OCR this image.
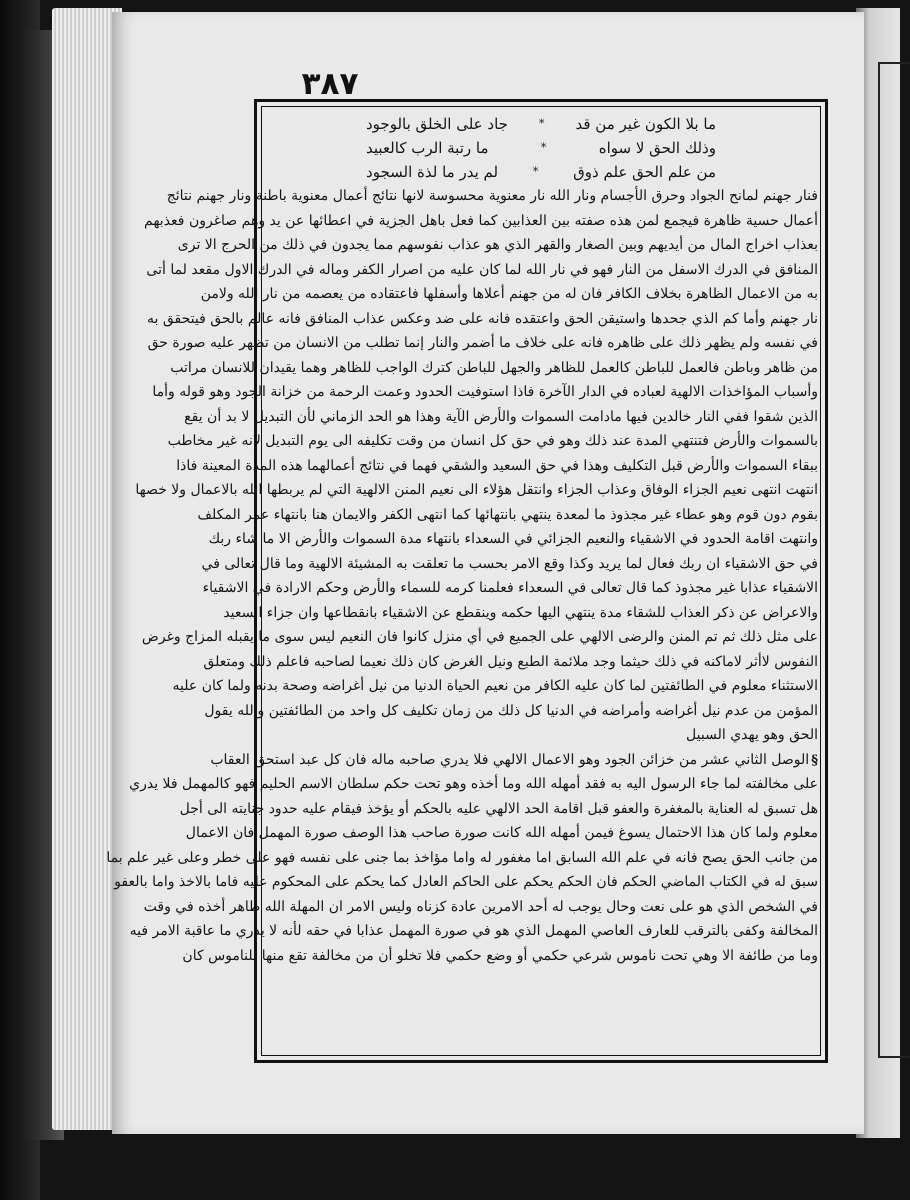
٣٨٧
ما بلا الكون غير من قد
*
جاد على الخلق بالوجود
وذلك الحق لا سواه
*
ما رتبة الرب كالعبيد
من علم الحق علم ذوق
*
لم يدر ما لذة السجود
فنار جهنم لمانح الجواد وحرق الأجسام ونار الله نار معنوية محسوسة لانها نتائج أعمال معنوية باطنة ونار جهنم نتائج
أعمال حسية ظاهرة فيجمع لمن هذه صفته بين العذابين كما فعل باهل الجزية في اعطائها عن يد وهم صاغرون فعذبهم
بعذاب اخراج المال من أيديهم وبين الصغار والقهر الذي هو عذاب نفوسهم مما يجدون في ذلك من الحرج الا ترى
المنافق في الدرك الاسفل من النار فهو في نار الله لما كان عليه من اصرار الكفر وماله في الدرك الاول مقعد لما أتى
به من الاعمال الظاهرة بخلاف الكافر فان له من جهنم أعلاها وأسفلها فاعتقاده من يعصمه من نار الله ولامن
نار جهنم وأما كم الذي جحدها واستيقن الحق واعتقده فانه على ضد وعكس عذاب المنافق فانه عالم بالحق فيتحقق به
في نفسه ولم يظهر ذلك على ظاهره فانه على خلاف ما أضمر والنار إنما تطلب من الانسان من تظهر عليه صورة حق
من ظاهر وباطن فالعمل للباطن كالعمل للظاهر والجهل للباطن كترك الواجب للظاهر وهما يقيدان للانسان مراتب
وأسباب المؤاخذات الالهية لعباده في الدار الآخرة فاذا استوفيت الحدود وعمت الرحمة من خزانة الجود وهو قوله وأما
الذين شقوا ففي النار خالدين فيها مادامت السموات والأرض الآية وهذا هو الحد الزماني لأن التبديل لا بد أن يقع
بالسموات والأرض فتنتهي المدة عند ذلك وهو في حق كل انسان من وقت تكليفه الى يوم التبديل لانه غير مخاطب
ببقاء السموات والأرض قبل التكليف وهذا في حق السعيد والشقي فهما في نتائج أعمالهما هذه المدة المعينة فاذا
انتهت انتهى نعيم الجزاء الوفاق وعذاب الجزاء وانتقل هؤلاء الى نعيم المنن الالهية التي لم يربطها الله بالاعمال ولا خصها
بقوم دون قوم وهو عطاء غير مجذوذ ما لمعدة ينتهي بانتهائها كما انتهى الكفر والايمان هنا بانتهاء عمر المكلف
وانتهت اقامة الحدود في الاشقياء والنعيم الجزائي في السعداء بانتهاء مدة السموات والأرض الا ما شاء ربك
في حق الاشقياء ان ربك فعال لما يريد وكذا وقع الامر بحسب ما تعلقت به المشيئة الالهية وما قال تعالى في
الاشقياء عذابا غير مجذوذ كما قال تعالى في السعداء فعلمنا كرمه للسماء والأرض وحكم الارادة في الاشقياء
والاعراض عن ذكر العذاب للشقاء مدة ينتهي اليها حكمه وينقطع عن الاشقياء بانقطاعها وان جزاء السعيد
على مثل ذلك ثم تم المنن والرضى الالهي على الجميع في أي منزل كانوا فان النعيم ليس سوى ما يقبله المزاج وغرض
النفوس لاأثر لاماكنه في ذلك حيثما وجد ملائمة الطبع ونيل الغرض كان ذلك نعيما لصاحبه فاعلم ذلك ومتعلق
الاستثناء معلوم في الطائفتين لما كان عليه الكافر من نعيم الحياة الدنيا من نيل أغراضه وصحة بدنه ولما كان عليه
المؤمن من عدم نيل أغراضه وأمراضه في الدنيا كل ذلك من زمان تكليف كل واحد من الطائفتين والله يقول
الحق وهو يهدي السبيل
§الوصل الثاني عشر من خزائن الجود وهو الاعمال الالهي فلا يدري صاحبه ماله فان كل عبد استحق العقاب
على مخالفته لما جاء الرسول اليه به فقد أمهله الله وما أخذه وهو تحت حكم سلطان الاسم الحليم فهو كالمهمل فلا يدري
هل تسبق له العناية بالمغفرة والعفو قبل اقامة الحد الالهي عليه بالحكم أو يؤخذ فيقام عليه حدود جنايته الى أجل
معلوم ولما كان هذا الاحتمال يسوغ فيمن أمهله الله كانت صورة صاحب هذا الوصف صورة المهمل فان الاعمال
من جانب الحق يصح فانه في علم الله السابق اما مغفور له واما مؤاخذ بما جنى على نفسه فهو على خطر وعلى غير علم بما
سبق له في الكتاب الماضي الحكم فان الحكم يحكم على الحاكم العادل كما يحكم على المحكوم عليه فاما بالاخذ واما بالعفو
في الشخص الذي هو على نعت وحال يوجب له أحد الامرين عادة كزناه وليس الامر ان المهلة الله ظاهر أخذه في وقت
المخالفة وكفى بالترقب للعارف العاصي المهمل الذي هو في صورة المهمل عذابا في حقه لأنه لا يدري ما عاقبة الامر فيه
وما من طائفة الا وهي تحت ناموس شرعي حكمي أو وضع حكمي فلا تخلو أن من مخالفة تقع منها للناموس كان
